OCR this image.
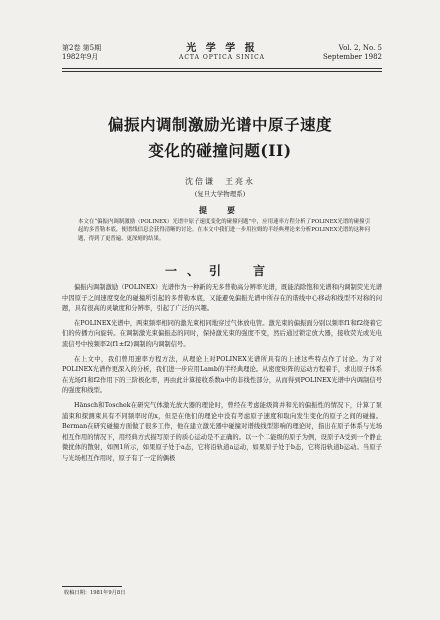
第2卷 第5期
1982年9月
光 学 学 报
ACTA OPTICA SINICA
Vol. 2, No. 5
September 1982
偏振内调制激励光谱中原子速度
变化的碰撞问题(II)
沈倍谦　王亮永
(复旦大学物理系)
提　要
本文在“偏振内调制激励（POLINEX）光谱中原子速度变化的碰撞问题”中，应用速率方程分析了POLINEX光谱的碰撞引起的多普勒本底，便谱线信息会获得清晰的讨论。在本文中我们进一步用拉姆的半经典理论来分析POLINEX光谱的这种问题，得到了更普遍、更深刻的结果。
一、引　言

偏振内调制激励（POLINEX）光谱作为一种新的无多普勒高分辨率光谱，既能消除饱和光谱和内调制荧光光谱中因原子之间速度变化的碰撞所引起的多普勒本底，又能避免偏振光谱中所存在的谐线中心移动和线型不对称的问题，具有很高的灵敏度和分辨率，引起了广泛的兴趣。

在POLINEX光谱中，两束频率相同的激光束相同地穿过气体放电管。激光束的偏振面分别以频率f1和f2绕着它们的传播方向旋转。在调制激光束偏振态的同时，保持激光束的强度不变，然后通过锁定放大器，接收荧光或光电流信号中按频率2(f1±f2)调制的内调制信号。

在上文中，我们曾用速率方程方法，从理论上对POLINEX光谱所具有的上述这些特点作了讨论。为了对POLINEX光谱作更深入的分析，我们进一步应用Lamb的半经典理论。从密度矩阵的运动方程着手，求出原子体系在光场f1和f2作用下的三阶极化率，再由此计算接收系数a中的非线性部分，从而得到POLINEX光谱中内调制信号的强度和线型。

Hänsch和Toschek在研究气体激光放大器的理论时，曾经在考虑能级简并和光的偏振性的情况下，计算了泵浦束和探测束具有不同频率时的x，但是在他们的理论中没有考虑原子速度和取向发生变化的原子之间的碰撞。Berman在研究碰撞方面做了很多工作，他在建立激光器中碰撞对谱线线型影响的理论时，指出在原子体系与光场相互作用的情况下，用经典方式描写原子的质心运动是不正确的。以一个二能级的原子为例，设原子A受到一个静止微扰体的散射，如图1所示，如果原子处于a态，它将沿轨道a运动，如果原子处于b态，它将沿轨道b运动。当原子与光场相互作用时，原子有了一定的偶极

收稿日期：1981年9月8日
